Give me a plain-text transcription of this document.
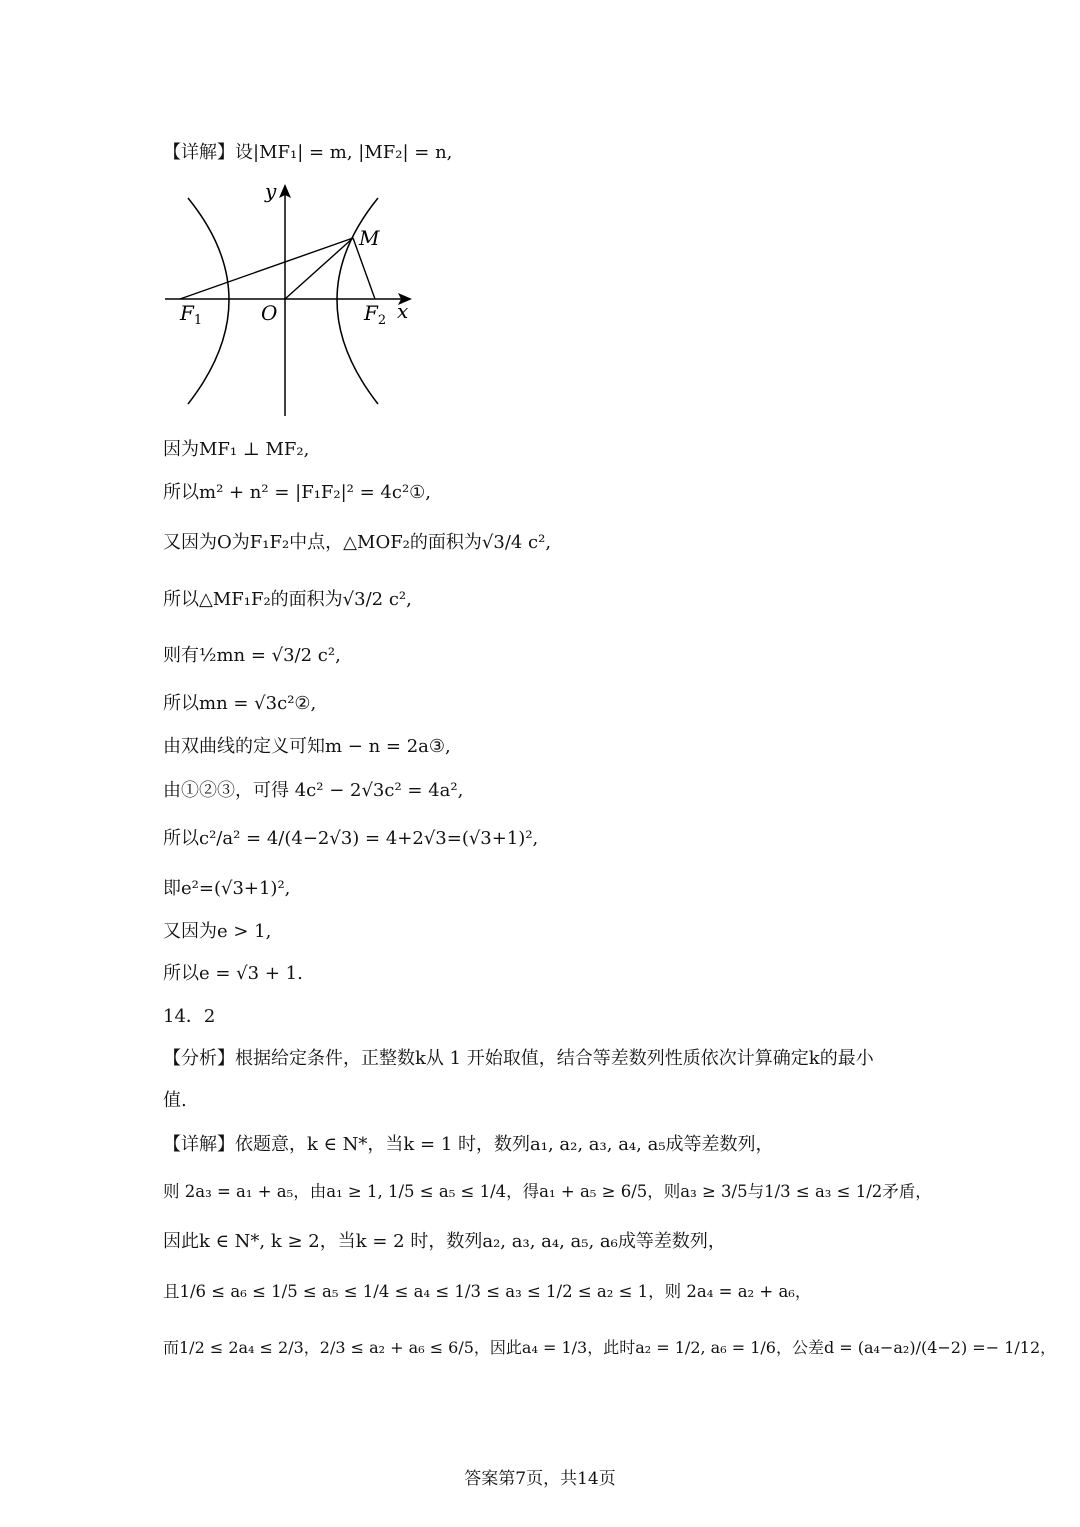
y
x
M
O
$F_1$	$F_2$
【详解】设|MF₁| = m, |MF₂| = n,
因为MF₁ ⊥ MF₂,
所以m² + n² = |F₁F₂|² = 4c²①,
又因为O为F₁F₂中点，△MOF₂的面积为√3/4 c²,
所以△MF₁F₂的面积为√3/2 c²,
则有½mn = √3/2 c²,
所以mn = √3c²②,
由双曲线的定义可知m − n = 2a③,
由①②③，可得 4c² − 2√3c² = 4a²,
所以c²/a² = 4/(4−2√3) = 4+2√3=(√3+1)²,
即e²=(√3+1)²,
又因为e > 1,
所以e = √3 + 1.
14．2
【分析】根据给定条件，正整数k从 1 开始取值，结合等差数列性质依次计算确定k的最小
值.
【详解】依题意，k ∈ N*，当k = 1 时，数列a₁, a₂, a₃, a₄, a₅成等差数列，
则 2a₃ = a₁ + a₅，由a₁ ≥ 1, 1/5 ≤ a₅ ≤ 1/4，得a₁ + a₅ ≥ 6/5，则a₃ ≥ 3/5与1/3 ≤ a₃ ≤ 1/2矛盾，
因此k ∈ N*, k ≥ 2，当k = 2 时，数列a₂, a₃, a₄, a₅, a₆成等差数列，
且1/6 ≤ a₆ ≤ 1/5 ≤ a₅ ≤ 1/4 ≤ a₄ ≤ 1/3 ≤ a₃ ≤ 1/2 ≤ a₂ ≤ 1，则 2a₄ = a₂ + a₆，
而1/2 ≤ 2a₄ ≤ 2/3，2/3 ≤ a₂ + a₆ ≤ 6/5，因此a₄ = 1/3，此时a₂ = 1/2, a₆ = 1/6，公差d = (a₄−a₂)/(4−2) =− 1/12，
答案第7页，共14页
